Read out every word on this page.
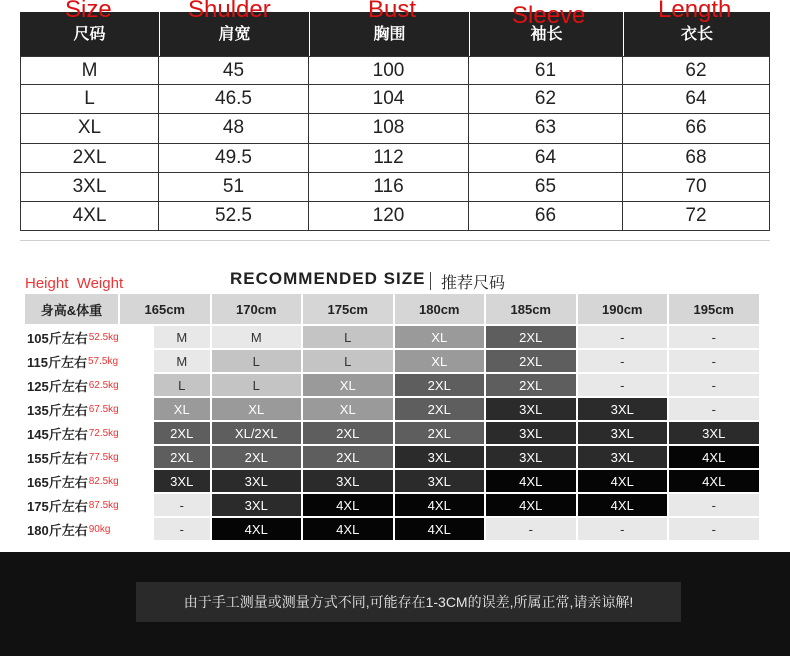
尺码	肩宽	胸围	袖长	衣长
M	45	100	61	62
L	46.5	104	62	64
XL	48	108	63	66
2XL	49.5	112	64	68
3XL	51	116	65	70
4XL	52.5	120	66	72
Size	Shulder	Bust	Sleeve	Length
Height  Weight	RECOMMENDED SIZE 推荐尺码
身高&体重	165cm	170cm	175cm	180cm	185cm	190cm	195cm
105斤左右 52.5kg	M	M	L	XL	2XL	-	-
115斤左右 57.5kg	M	L	L	XL	2XL	-	-
125斤左右 62.5kg	L	L	XL	2XL	2XL	-	-
135斤左右 67.5kg	XL	XL	XL	2XL	3XL	3XL	-
145斤左右 72.5kg	2XL	XL/2XL	2XL	2XL	3XL	3XL	3XL
155斤左右 77.5kg	2XL	2XL	2XL	3XL	3XL	3XL	4XL
165斤左右 82.5kg	3XL	3XL	3XL	3XL	4XL	4XL	4XL
175斤左右 87.5kg	-	3XL	4XL	4XL	4XL	4XL	-
180斤左右 90kg	-	4XL	4XL	4XL	-	-	-
由于手工测量或测量方式不同,可能存在1-3CM的误差,所属正常,请亲谅解!
